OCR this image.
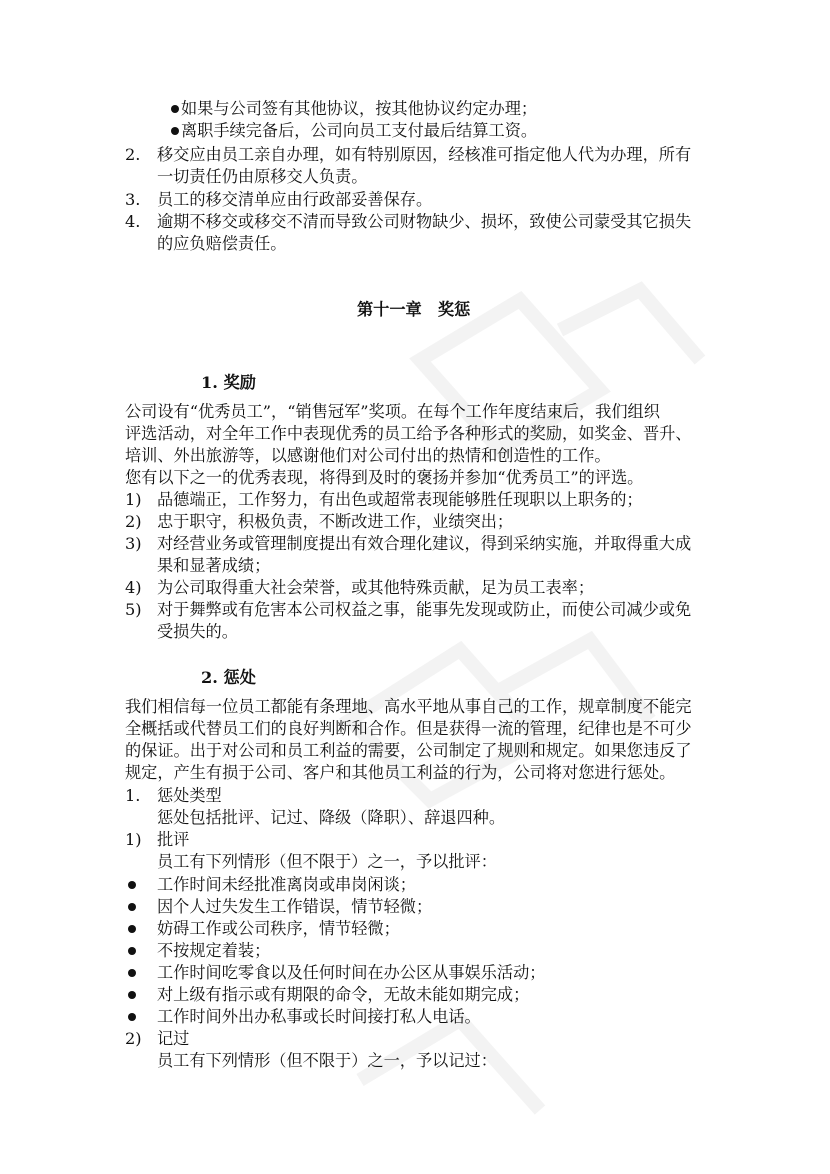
如果与公司签有其他协议，按其他协议约定办理；
离职手续完备后，公司向员工支付最后结算工资。
2. 移交应由员工亲自办理，如有特别原因，经核准可指定他人代为办理，所有
一切责任仍由原移交人负责。
3. 员工的移交清单应由行政部妥善保存。
4. 逾期不移交或移交不清而导致公司财物缺少、损坏，致使公司蒙受其它损失
的应负赔偿责任。
第十一章　奖惩
1. 奖励
公司设有“优秀员工”，“销售冠军”奖项。在每个工作年度结束后，我们组织
评选活动，对全年工作中表现优秀的员工给予各种形式的奖励，如奖金、晋升、
培训、外出旅游等，以感谢他们对公司付出的热情和创造性的工作。
您有以下之一的优秀表现，将得到及时的褒扬并参加“优秀员工”的评选。
1) 品德端正，工作努力，有出色或超常表现能够胜任现职以上职务的；
2) 忠于职守，积极负责，不断改进工作，业绩突出；
3) 对经营业务或管理制度提出有效合理化建议，得到采纳实施，并取得重大成
果和显著成绩；
4) 为公司取得重大社会荣誉，或其他特殊贡献，足为员工表率；
5) 对于舞弊或有危害本公司权益之事，能事先发现或防止，而使公司减少或免
受损失的。
2. 惩处
我们相信每一位员工都能有条理地、高水平地从事自己的工作，规章制度不能完
全概括或代替员工们的良好判断和合作。但是获得一流的管理，纪律也是不可少
的保证。出于对公司和员工利益的需要，公司制定了规则和规定。如果您违反了
规定，产生有损于公司、客户和其他员工利益的行为，公司将对您进行惩处。
1. 惩处类型
惩处包括批评、记过、降级（降职）、辞退四种。
1) 批评
员工有下列情形（但不限于）之一，予以批评：
工作时间未经批准离岗或串岗闲谈；
因个人过失发生工作错误，情节轻微；
妨碍工作或公司秩序，情节轻微；
不按规定着装；
工作时间吃零食以及任何时间在办公区从事娱乐活动；
对上级有指示或有期限的命令，无故未能如期完成；
工作时间外出办私事或长时间接打私人电话。
2) 记过
员工有下列情形（但不限于）之一，予以记过：
